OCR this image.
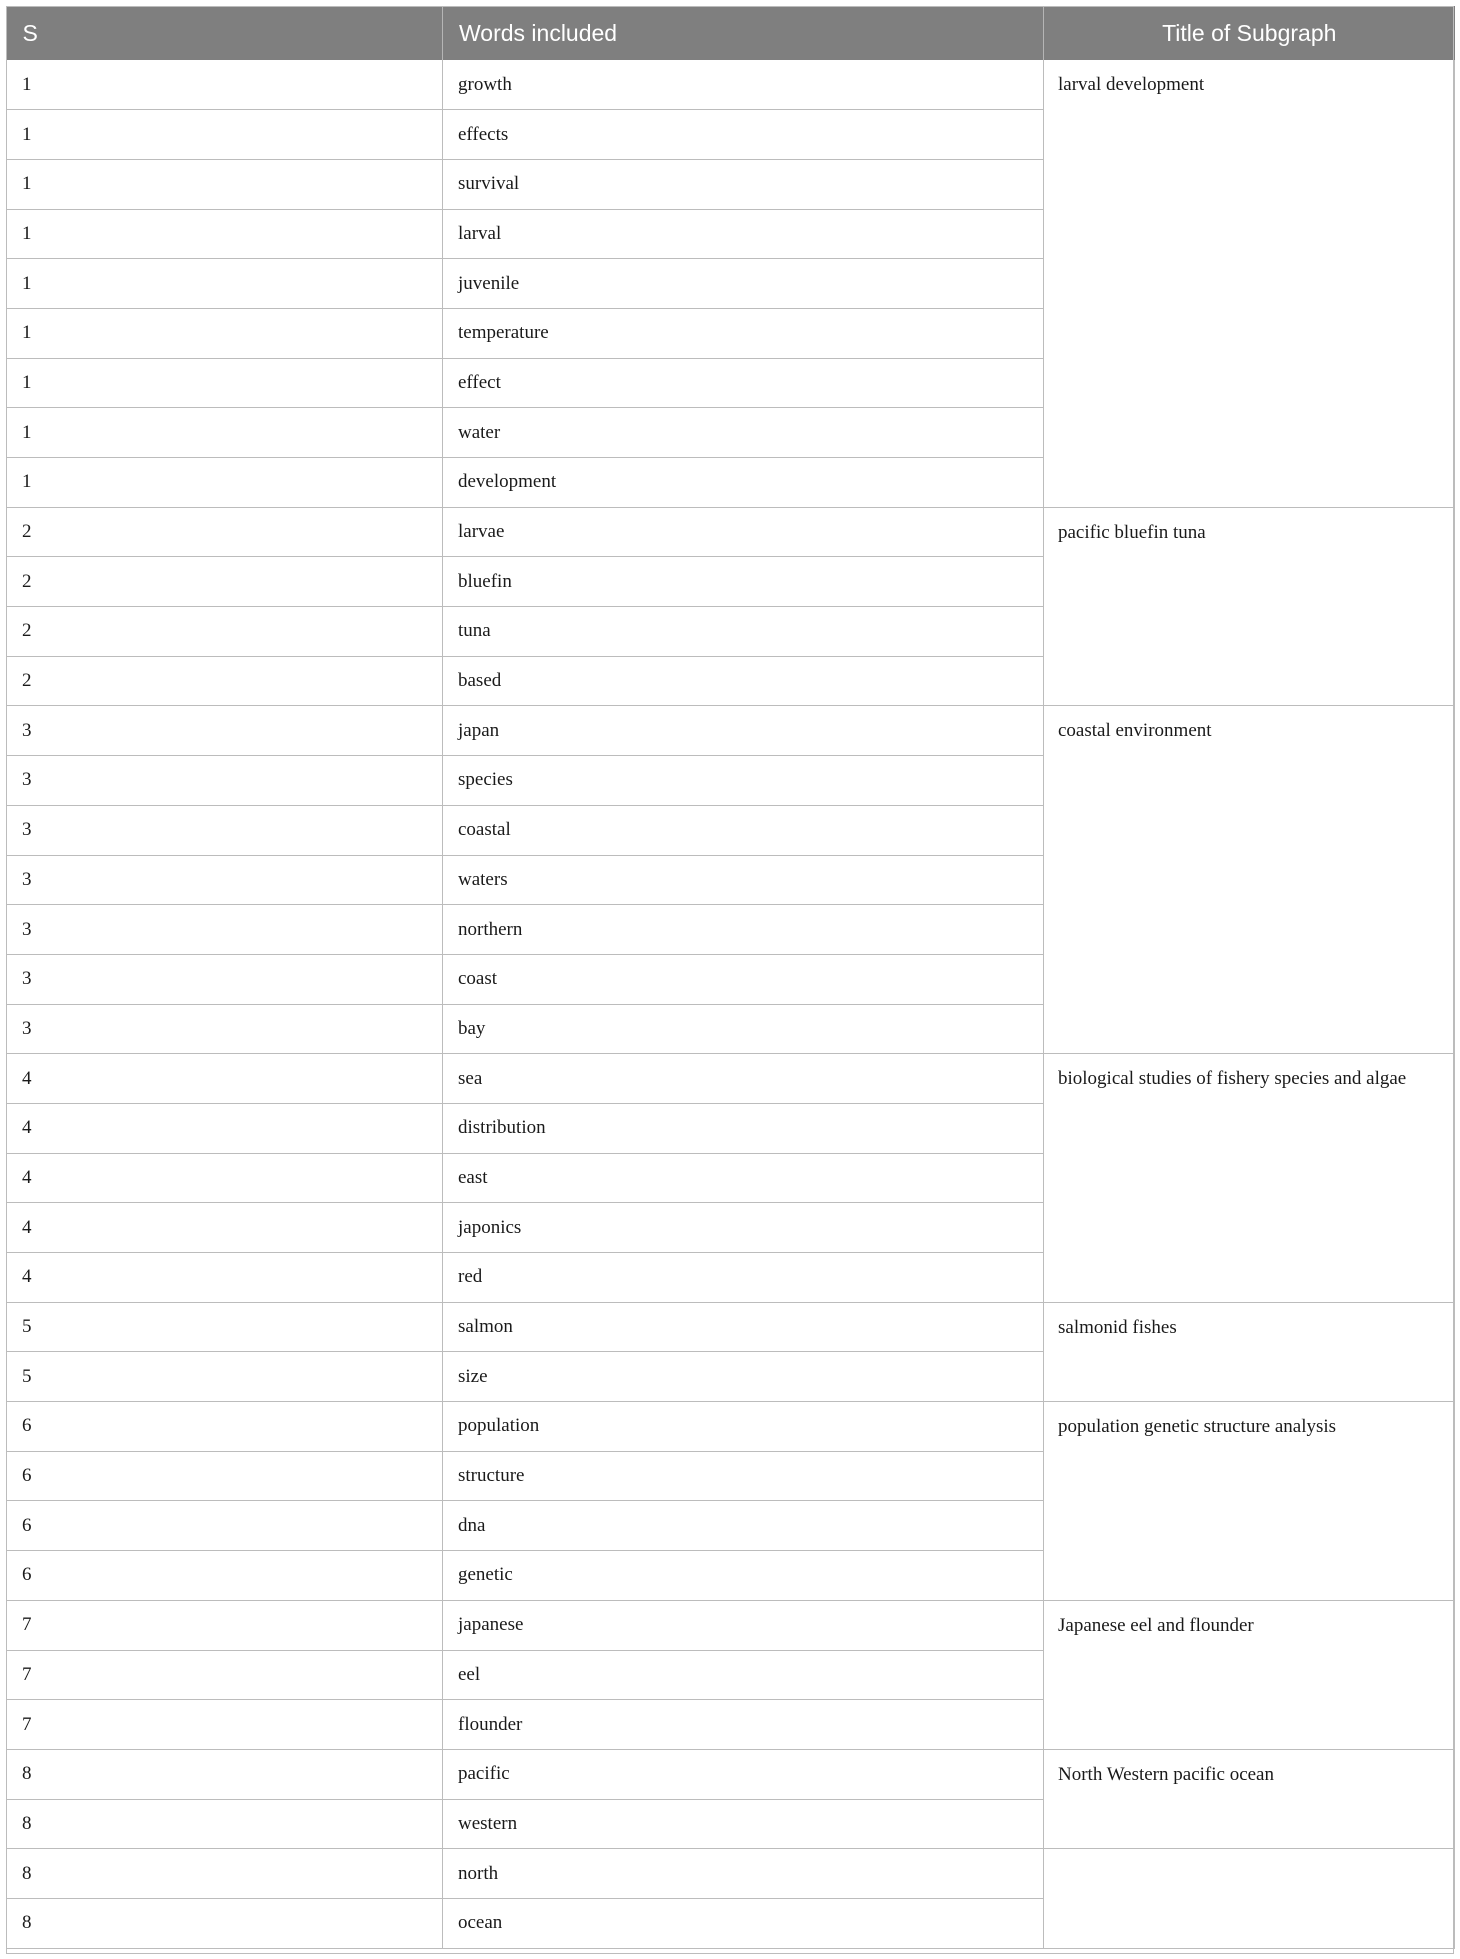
S	Words included	Title of Subgraph
1	growth	larval development
1	effects	
1	survival	
1	larval	
1	juvenile	
1	temperature	
1	effect	
1	water	
1	development	
2	larvae	pacific bluefin tuna
2	bluefin	
2	tuna	
2	based	
3	japan	coastal environment
3	species	
3	coastal	
3	waters	
3	northern	
3	coast	
3	bay	
4	sea	biological studies of fishery species and algae
4	distribution	
4	east	
4	japonics	
4	red	
5	salmon	salmonid fishes
5	size	
6	population	population genetic structure analysis
6	structure	
6	dna	
6	genetic	
7	japanese	Japanese eel and flounder
7	eel	
7	flounder	
8	pacific	North Western pacific ocean
8	western	
8	north	
8	ocean	
